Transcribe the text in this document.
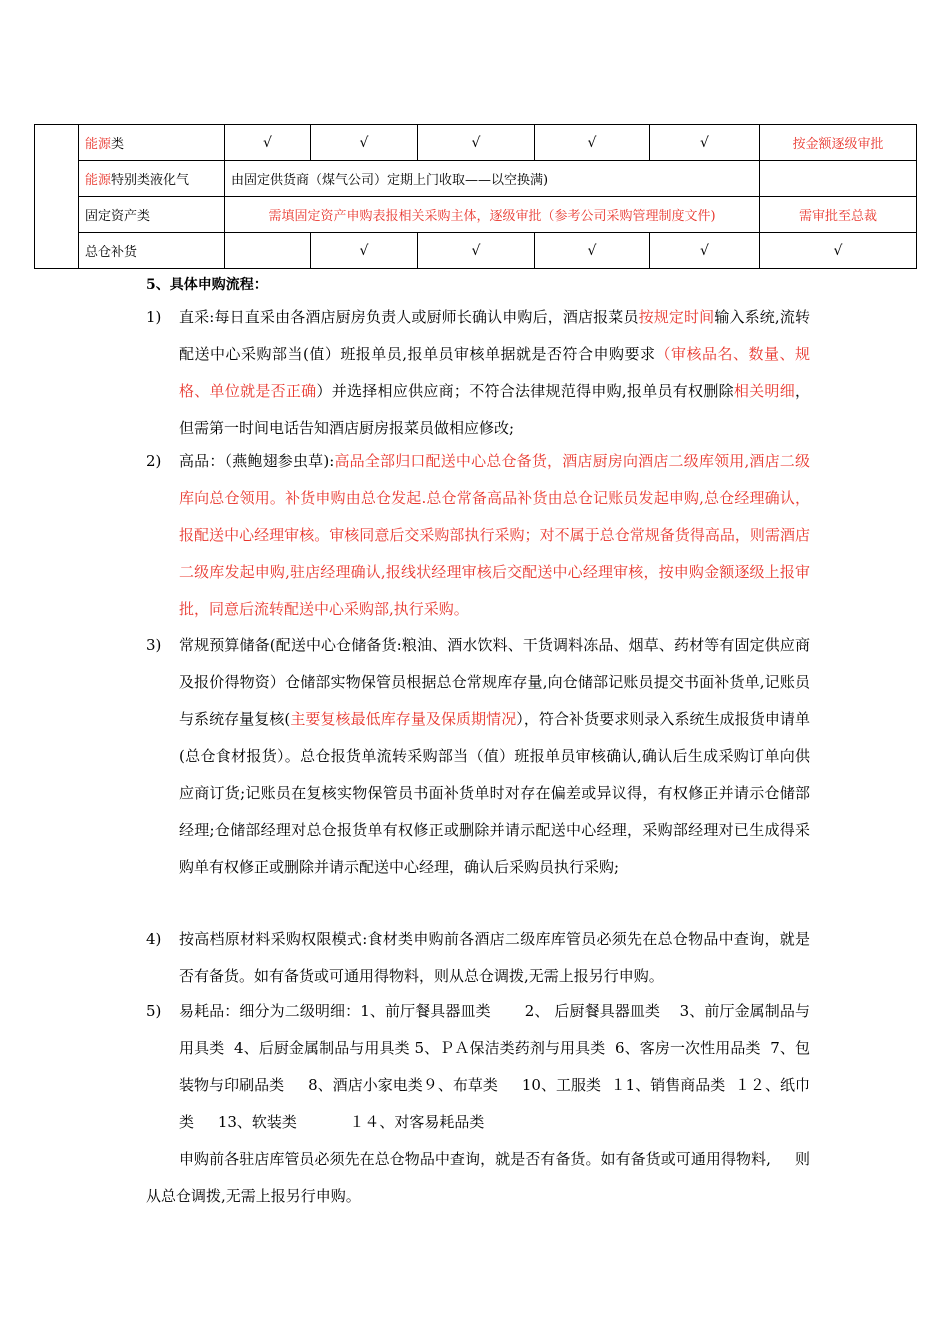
	能源类	√	√	√	√	√	按金额逐级审批	
	能源特别类液化气	由固定供货商（煤气公司）定期上门收取——以空换满)						
	固定资产类	需填固定资产申购表报相关采购主体，逐级审批（参考公司采购管理制度文件)					需审批至总裁	
	总仓补货		√	√	√	√	√	
5、具体申购流程：
1)	直采:每日直采由各酒店厨房负责人或厨师长确认申购后，酒店报菜员按规定时间输入系统,流转配送中心采购部当(值）班报单员,报单员审核单据就是否符合申购要求（审核品名、数量、规格、单位就是否正确）并选择相应供应商；不符合法律规范得申购,报单员有权删除相关明细，但需第一时间电话告知酒店厨房报菜员做相应修改;
2)	高品：（燕鲍翅参虫草):高品全部归口配送中心总仓备货，酒店厨房向酒店二级库领用,酒店二级库向总仓领用。补货申购由总仓发起.总仓常备高品补货由总仓记账员发起申购,总仓经理确认，报配送中心经理审核。审核同意后交采购部执行采购；对不属于总仓常规备货得高品，则需酒店二级库发起申购,驻店经理确认,报线状经理审核后交配送中心经理审核，按申购金额逐级上报审批，同意后流转配送中心采购部,执行采购。
3)	常规预算储备(配送中心仓储备货:粮油、酒水饮料、干货调料冻品、烟草、药材等有固定供应商及报价得物资）仓储部实物保管员根据总仓常规库存量,向仓储部记账员提交书面补货单,记账员与系统存量复核(主要复核最低库存量及保质期情况），符合补货要求则录入系统生成报货申请单(总仓食材报货）。总仓报货单流转采购部当（值）班报单员审核确认,确认后生成采购订单向供应商订货;记账员在复核实物保管员书面补货单时对存在偏差或异议得，有权修正并请示仓储部经理;仓储部经理对总仓报货单有权修正或删除并请示配送中心经理，采购部经理对已生成得采购单有权修正或删除并请示配送中心经理，确认后采购员执行采购;
4)	按高档原材料采购权限模式:食材类申购前各酒店二级库库管员必须先在总仓物品中查询，就是否有备货。如有备货或可通用得物料，则从总仓调拨,无需上报另行申购。
5)	易耗品：细分为二级明细：1、前厅餐具器皿类       2、 后厨餐具器皿类    3、前厅金属制品与用具类  4、后厨金属制品与用具类 5、ＰＡ保洁类药剂与用具类  6、客房一次性用品类  7、包装物与印刷品类     8、酒店小家电类９、布草类     10、工服类  １1、销售商品类  １２、纸巾类     13、软装类           １４、对客易耗品类
申购前各驻店库管员必须先在总仓物品中查询，就是否有备货。如有备货或可通用得物料,     则从总仓调拨,无需上报另行申购。
